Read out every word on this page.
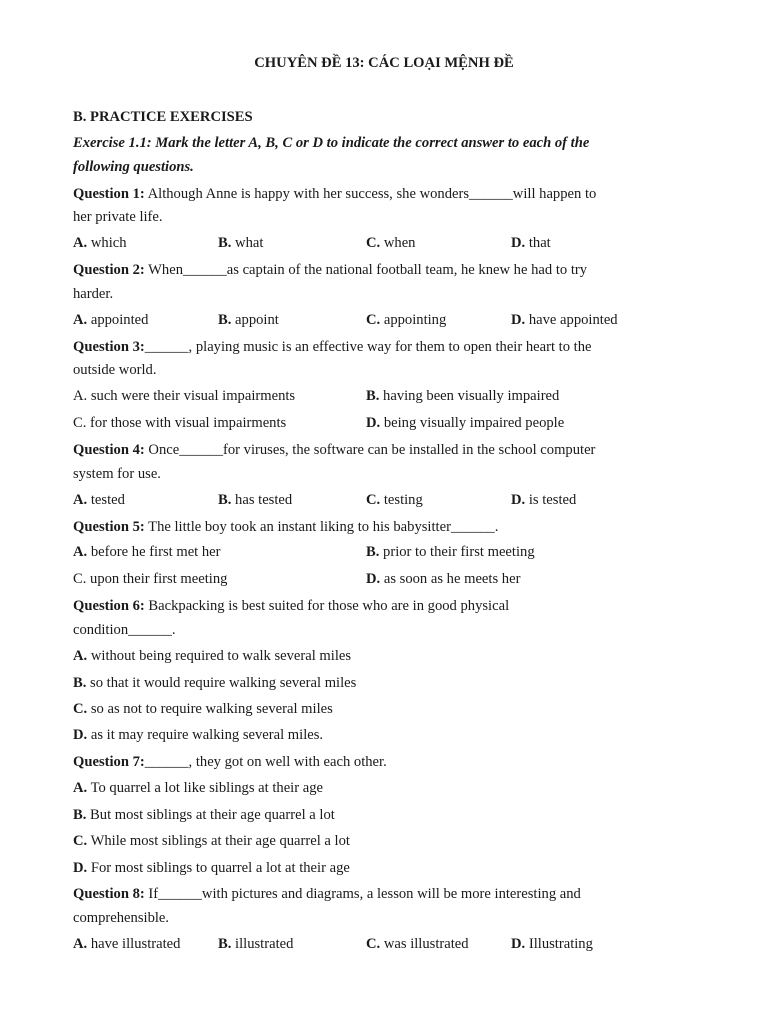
CHUYÊN ĐỀ 13: CÁC LOẠI MỆNH ĐỀ
B. PRACTICE EXERCISES
Exercise 1.1: Mark the letter A, B, C or D to indicate the correct answer to each of the
following questions.
Question 1: Although Anne is happy with her success, she wonders______will happen to
her private life.
A. which	B. what	C. when	D. that
Question 2: When______as captain of the national football team, he knew he had to try
harder.
A. appointed	B. appoint	C. appointing	D. have appointed
Question 3:______, playing music is an effective way for them to open their heart to the
outside world.
A. such were their visual impairments	B. having been visually impaired
C. for those with visual impairments	D. being visually impaired people
Question 4: Once______for viruses, the software can be installed in the school computer
system for use.
A. tested	B. has tested	C. testing	D. is tested
Question 5: The little boy took an instant liking to his babysitter______.
A. before he first met her	B. prior to their first meeting
C. upon their first meeting	D. as soon as he meets her
Question 6: Backpacking is best suited for those who are in good physical
condition______.
A. without being required to walk several miles
B. so that it would require walking several miles
C. so as not to require walking several miles
D. as it may require walking several miles.
Question 7:______, they got on well with each other.
A. To quarrel a lot like siblings at their age
B. But most siblings at their age quarrel a lot
C. While most siblings at their age quarrel a lot
D. For most siblings to quarrel a lot at their age
Question 8: If______with pictures and diagrams, a lesson will be more interesting and
comprehensible.
A. have illustrated	B. illustrated	C. was illustrated	D. Illustrating
